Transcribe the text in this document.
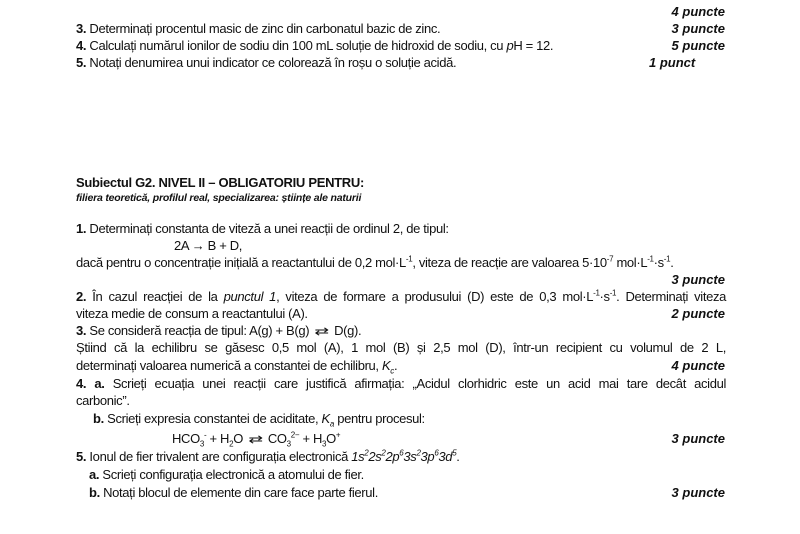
4 puncte
3. Determinați procentul masic de zinc din carbonatul bazic de zinc.	3 puncte
4. Calculați numărul ionilor de sodiu din 100 mL soluție de hidroxid de sodiu, cu pH = 12.	5 puncte
5. Notați denumirea unui indicator ce colorează în roșu o soluție acidă.	1 punct
Subiectul G2. NIVEL II – OBLIGATORIU PENTRU:
filiera teoretică, profilul real, specializarea: științe ale naturii
1. Determinați constanta de viteză a unei reacții de ordinul 2, de tipul:
2A → B + D,
dacă pentru o concentrație inițială a reactantului de 0,2 $mol\cdot L^{-1}$, viteza de reacție are valoarea $5\cdot 10^{-7}$ $mol\cdot L^{-1}\cdot s^{-1}$.
3 puncte
2. În cazul reacției de la punctul 1, viteza de formare a produsului (D) este de 0,3 $mol\cdot L^{-1}\cdot s^{-1}$. Determinați viteza
viteza medie de consum a reactantului (A).	2 puncte
3. Se consideră reacția de tipul: A(g) + B(g) ⇄ D(g).
Știind că la echilibru se găsesc 0,5 mol (A), 1 mol (B) și 2,5 mol (D), într-un recipient cu volumul de 2 L,
determinați valoarea numerică a constantei de echilibru, $K_c$.	4 puncte
4. a. Scrieți ecuația unei reacții care justifică afirmația: „Acidul clorhidric este un acid mai tare decât acidul
carbonic”.
b. Scrieți expresia constantei de aciditate, $K_a$ pentru procesul:
$HCO_3^- + H_2O$ ⇄ $CO_3^{2-} + H_3O^+$	3 puncte
5. Ionul de fier trivalent are configurația electronică $1s^22s^22p^63s^23p^63d^5$.
a. Scrieți configurația electronică a atomului de fier.
b. Notați blocul de elemente din care face parte fierul.	3 puncte
